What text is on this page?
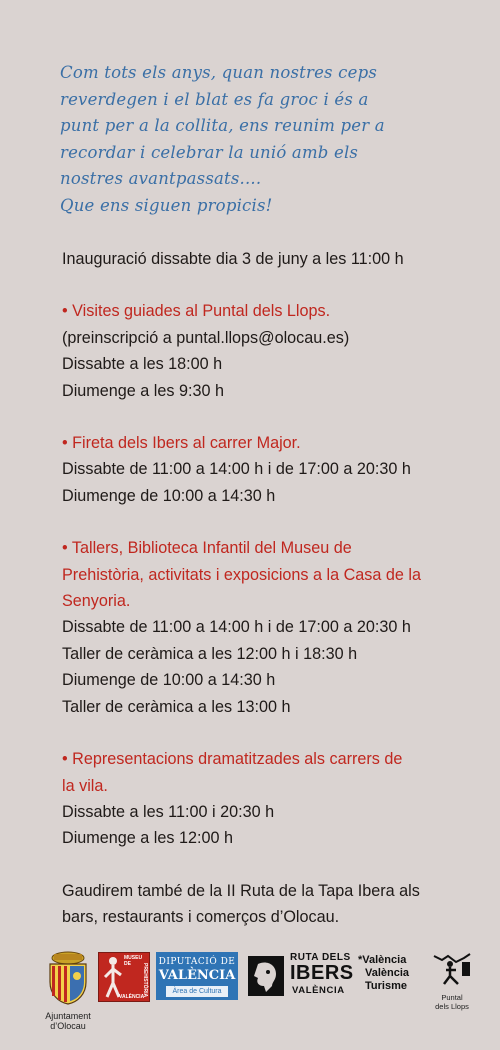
Com tots els anys, quan nostres ceps
reverdegen i el blat es fa groc i és a
punt per a la collita, ens reunim per a
recordar i celebrar la unió amb els
nostres avantpassats....
Que ens siguen propicis!
Inauguració dissabte dia 3 de juny a les 11:00 h
• Visites guiades al Puntal dels Llops.
(preinscripció a puntal.llops@olocau.es)
Dissabte a les 18:00 h
Diumenge a les 9:30 h
• Fireta dels Ibers al carrer Major.
Dissabte de 11:00 a 14:00 h i de 17:00 a 20:30 h
Diumenge de 10:00 a 14:30 h
• Tallers, Biblioteca Infantil del Museu de
Prehistòria, activitats i exposicions a la Casa de la
Senyoria.
Dissabte de 11:00 a 14:00 h i de 17:00 a 20:30 h
Taller de ceràmica a les 12:00 h i 18:30 h
Diumenge de 10:00 a 14:30 h
Taller de ceràmica a les 13:00 h
• Representacions dramatitzades als carrers de
la vila.
Dissabte a les 11:00 i 20:30 h
Diumenge a les 12:00 h
Gaudirem també de la II Ruta de la Tapa Ibera als
bars, restaurants i comerços d’Olocau.
Ajuntament
d’Olocau
MUSEU DE	PREHISTÒRIA
VALÈNCIA
DIPUTACIÓ DE
VALÈNCIA
Àrea de Cultura
RUTA DELS
IBERS
VALÈNCIA
*València
València
Turisme
Puntal
dels Llops
